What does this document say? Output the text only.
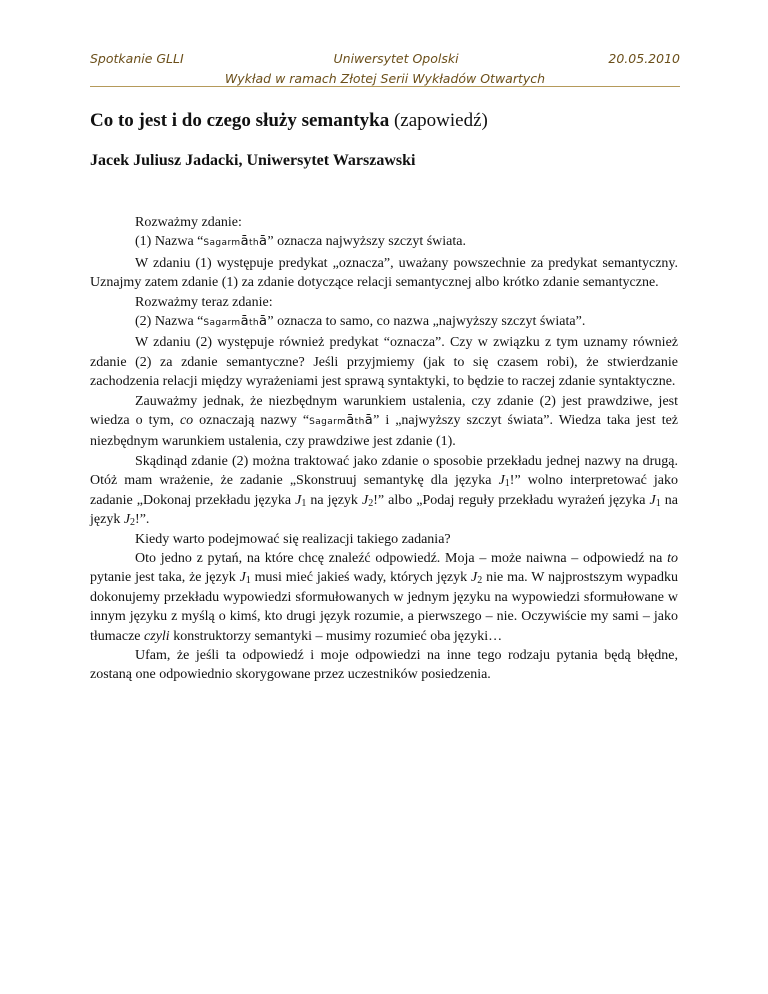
Spotkanie GLLI	Uniwersytet Opolski	20.05.2010
Wykład w ramach Złotej Serii Wykładów Otwartych
Co to jest i do czego służy semantyka (zapowiedź)
Jacek Juliusz Jadacki, Uniwersytet Warszawski

Rozważmy zdanie:

(1) Nazwa “Sagarmāthā” oznacza najwyższy szczyt świata.

W zdaniu (1) występuje predykat „oznacza”, uważany powszechnie za predykat semantyczny. Uznajmy zatem zdanie (1) za zdanie dotyczące relacji semantycznej albo krótko zdanie semantyczne.

Rozważmy teraz zdanie:

(2) Nazwa “Sagarmāthā” oznacza to samo, co nazwa „najwyższy szczyt świata”.

W zdaniu (2) występuje również predykat “oznacza”. Czy w związku z tym uznamy również zdanie (2) za zdanie semantyczne? Jeśli przyjmiemy (jak to się czasem robi), że stwierdzanie zachodzenia relacji między wyrażeniami jest sprawą syntaktyki, to będzie to raczej zdanie syntaktyczne.

Zauważmy jednak, że niezbędnym warunkiem ustalenia, czy zdanie (2) jest prawdziwe, jest wiedza o tym, co oznaczają nazwy “Sagarmāthā” i „najwyższy szczyt świata”. Wiedza taka jest też niezbędnym warunkiem ustalenia, czy prawdziwe jest zdanie (1).

Skądinąd zdanie (2) można traktować jako zdanie o sposobie przekładu jednej nazwy na drugą. Otóż mam wrażenie, że zadanie „Skonstruuj semantykę dla języka $J_1$!” wolno interpretować jako zadanie „Dokonaj przekładu języka $J_1$ na język $J_2$!” albo „Podaj reguły przekładu wyrażeń języka $J_1$ na język $J_2$!”.

Kiedy warto podejmować się realizacji takiego zadania?

Oto jedno z pytań, na które chcę znaleźć odpowiedź. Moja – może naiwna – odpowiedź na to pytanie jest taka, że język $J_1$ musi mieć jakieś wady, których język $J_2$ nie ma. W najprostszym wypadku dokonujemy przekładu wypowiedzi sformułowanych w jednym języku na wypowiedzi sformułowane w innym języku z myślą o kimś, kto drugi język rozumie, a pierwszego – nie. Oczywiście my sami – jako tłumacze czyli konstruktorzy semantyki – musimy rozumieć oba języki…

Ufam, że jeśli ta odpowiedź i moje odpowiedzi na inne tego rodzaju pytania będą błędne, zostaną one odpowiednio skorygowane przez uczestników posiedzenia.
